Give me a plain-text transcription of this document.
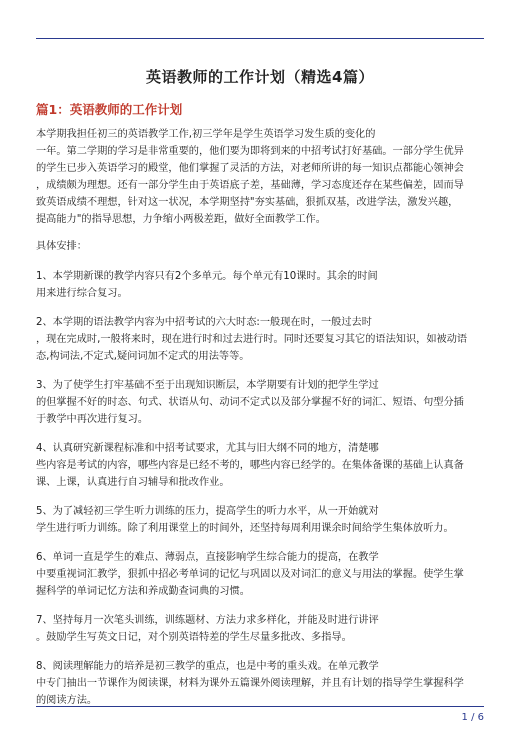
英语教师的工作计划（精选4篇）
篇1：英语教师的工作计划

本学期我担任初三的英语教学工作,初三学年是学生英语学习发生质的变化的
一年。第二学期的学习是非常重要的，他们要为即将到来的中招考试打好基础。一部分学生优异
的学生已步入英语学习的殿堂，他们掌握了灵活的方法，对老师所讲的每一知识点都能心领神会
，成绩颇为理想。还有一部分学生由于英语底子差，基础薄，学习态度还存在某些偏差，固而导
致英语成绩不理想，针对这一状况，本学期坚持"夯实基础，狠抓双基，改进学法，激发兴趣，
提高能力"的指导思想，力争缩小两极差距，做好全面教学工作。

具体安排：

1、本学期新课的教学内容只有2个多单元。每个单元有10课时。其余的时间
用来进行综合复习。

2、本学期的语法教学内容为中招考试的六大时态:一般现在时，一般过去时
，现在完成时,一般将来时，现在进行时和过去进行时。同时还要复习其它的语法知识，如被动语
态,构词法,不定式,疑问词加不定式的用法等等。

3、为了使学生打牢基础不至于出现知识断层，本学期要有计划的把学生学过
的但掌握不好的时态、句式、状语从句、动词不定式以及部分掌握不好的词汇、短语、句型分插
于教学中再次进行复习。

4、认真研究新课程标准和中招考试要求，尤其与旧大纲不同的地方，清楚哪
些内容是考试的内容，哪些内容是已经不考的，哪些内容已经学的。在集体备课的基础上认真备
课、上课，认真进行自习辅导和批改作业。

5、为了减轻初三学生听力训练的压力，提高学生的听力水平，从一开始就对
学生进行听力训练。除了利用课堂上的时间外，还坚持每周利用课余时间给学生集体放听力。

6、单词一直是学生的难点、薄弱点，直接影响学生综合能力的提高，在教学
中要重视词汇教学，狠抓中招必考单词的记忆与巩固以及对词汇的意义与用法的掌握。使学生掌
握科学的单词记忆方法和养成勤查词典的习惯。

7、坚持每月一次笔头训练，训练题材、方法力求多样化，并能及时进行讲评
。鼓励学生写英文日记，对个别英语特差的学生尽量多批改、多指导。

8、阅读理解能力的培养是初三教学的重点，也是中考的重头戏。在单元教学
中专门抽出一节课作为阅读课，材料为课外五篇课外阅读理解，并且有计划的指导学生掌握科学
的阅读方法。

1 / 6
